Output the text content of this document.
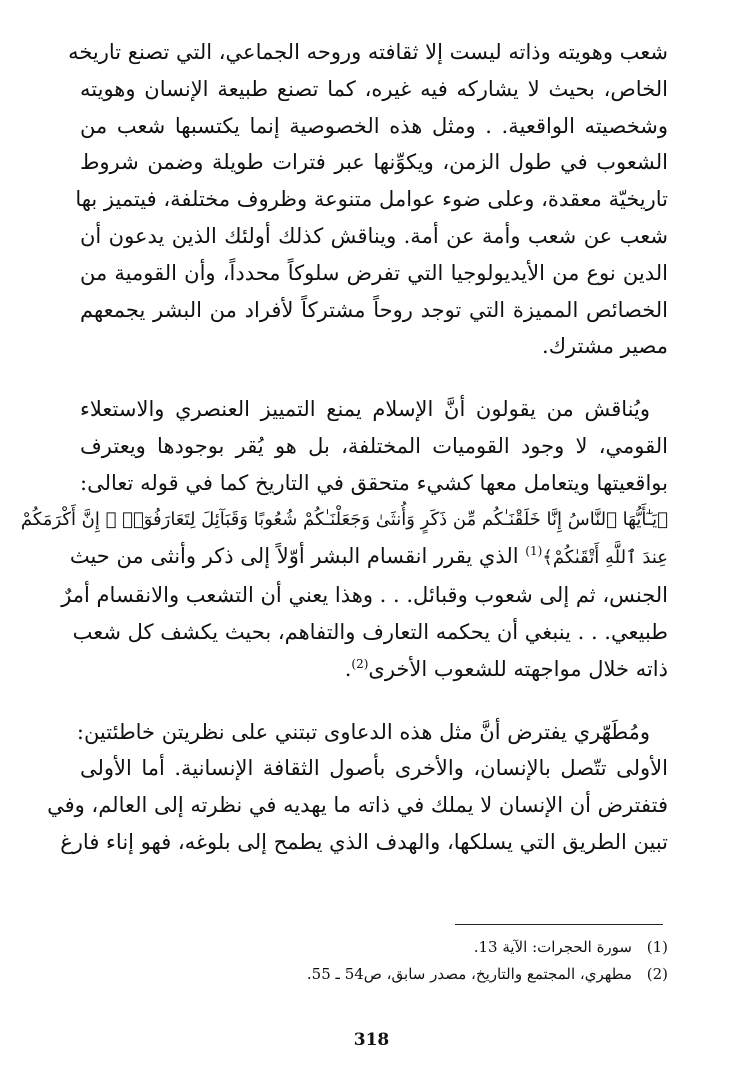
شعب وهويته وذاته ليست إلا ثقافته وروحه الجماعي، التي تصنع تاريخه
الخاص، بحيث لا يشاركه فيه غيره، كما تصنع طبيعة الإنسان وهويته
وشخصيته الواقعية. . ومثل هذه الخصوصية إنما يكتسبها شعب من
الشعوب في طول الزمن، ويكوِّنها عبر فترات طويلة وضمن شروط
تاريخيّة معقدة، وعلى ضوء عوامل متنوعة وظروف مختلفة، فيتميز بها
شعب عن شعب وأمة عن أمة. ويناقش كذلك أولئك الذين يدعون أن
الدين نوع من الأيديولوجيا التي تفرض سلوكاً محدداً، وأن القومية من
الخصائص المميزة التي توجد روحاً مشتركاً لأفراد من البشر يجمعهم
مصير مشترك.

ويُناقش من يقولون أنَّ الإسلام يمنع التمييز العنصري والاستعلاء
القومي، لا وجود القوميات المختلفة، بل هو يُقر بوجودها ويعترف
بواقعيتها ويتعامل معها كشيء متحقق في التاريخ كما في قوله تعالى:
﴿يَـٰٓأَيُّهَا ٱلنَّاسُ إِنَّا خَلَقْنَـٰكُم مِّن ذَكَرٍ وَأُنثَىٰ وَجَعَلْنَـٰكُمْ شُعُوبًا وَقَبَآئِلَ لِتَعَارَفُوٓا۟ ۚ إِنَّ أَكْرَمَكُمْ
عِندَ ٱللَّهِ أَتْقَىٰكُمْ﴾$^{(1)}$ الذي يقرر انقسام البشر أوّلاً إلى ذكر وأنثى من حيث
الجنس، ثم إلى شعوب وقبائل. . . وهذا يعني أن التشعب والانقسام أمرٌ
طبيعي. . . ينبغي أن يحكمه التعارف والتفاهم، بحيث يكشف كل شعب
ذاته خلال مواجهته للشعوب الأخرى$^{(2)}$.

ومُطَهّري يفترض أنَّ مثل هذه الدعاوى تبتني على نظريتن خاطئتين:
الأولى تتّصل بالإنسان، والأخرى بأصول الثقافة الإنسانية. أما الأولى
فتفترض أن الإنسان لا يملك في ذاته ما يهديه في نظرته إلى العالم، وفي
تبين الطريق التي يسلكها، والهدف الذي يطمح إلى بلوغه، فهو إناء فارغ

(1)سورة الحجرات: الآية 13.
(2)مطهري، المجتمع والتاريخ، مصدر سابق، ص54 ـ 55.
318
